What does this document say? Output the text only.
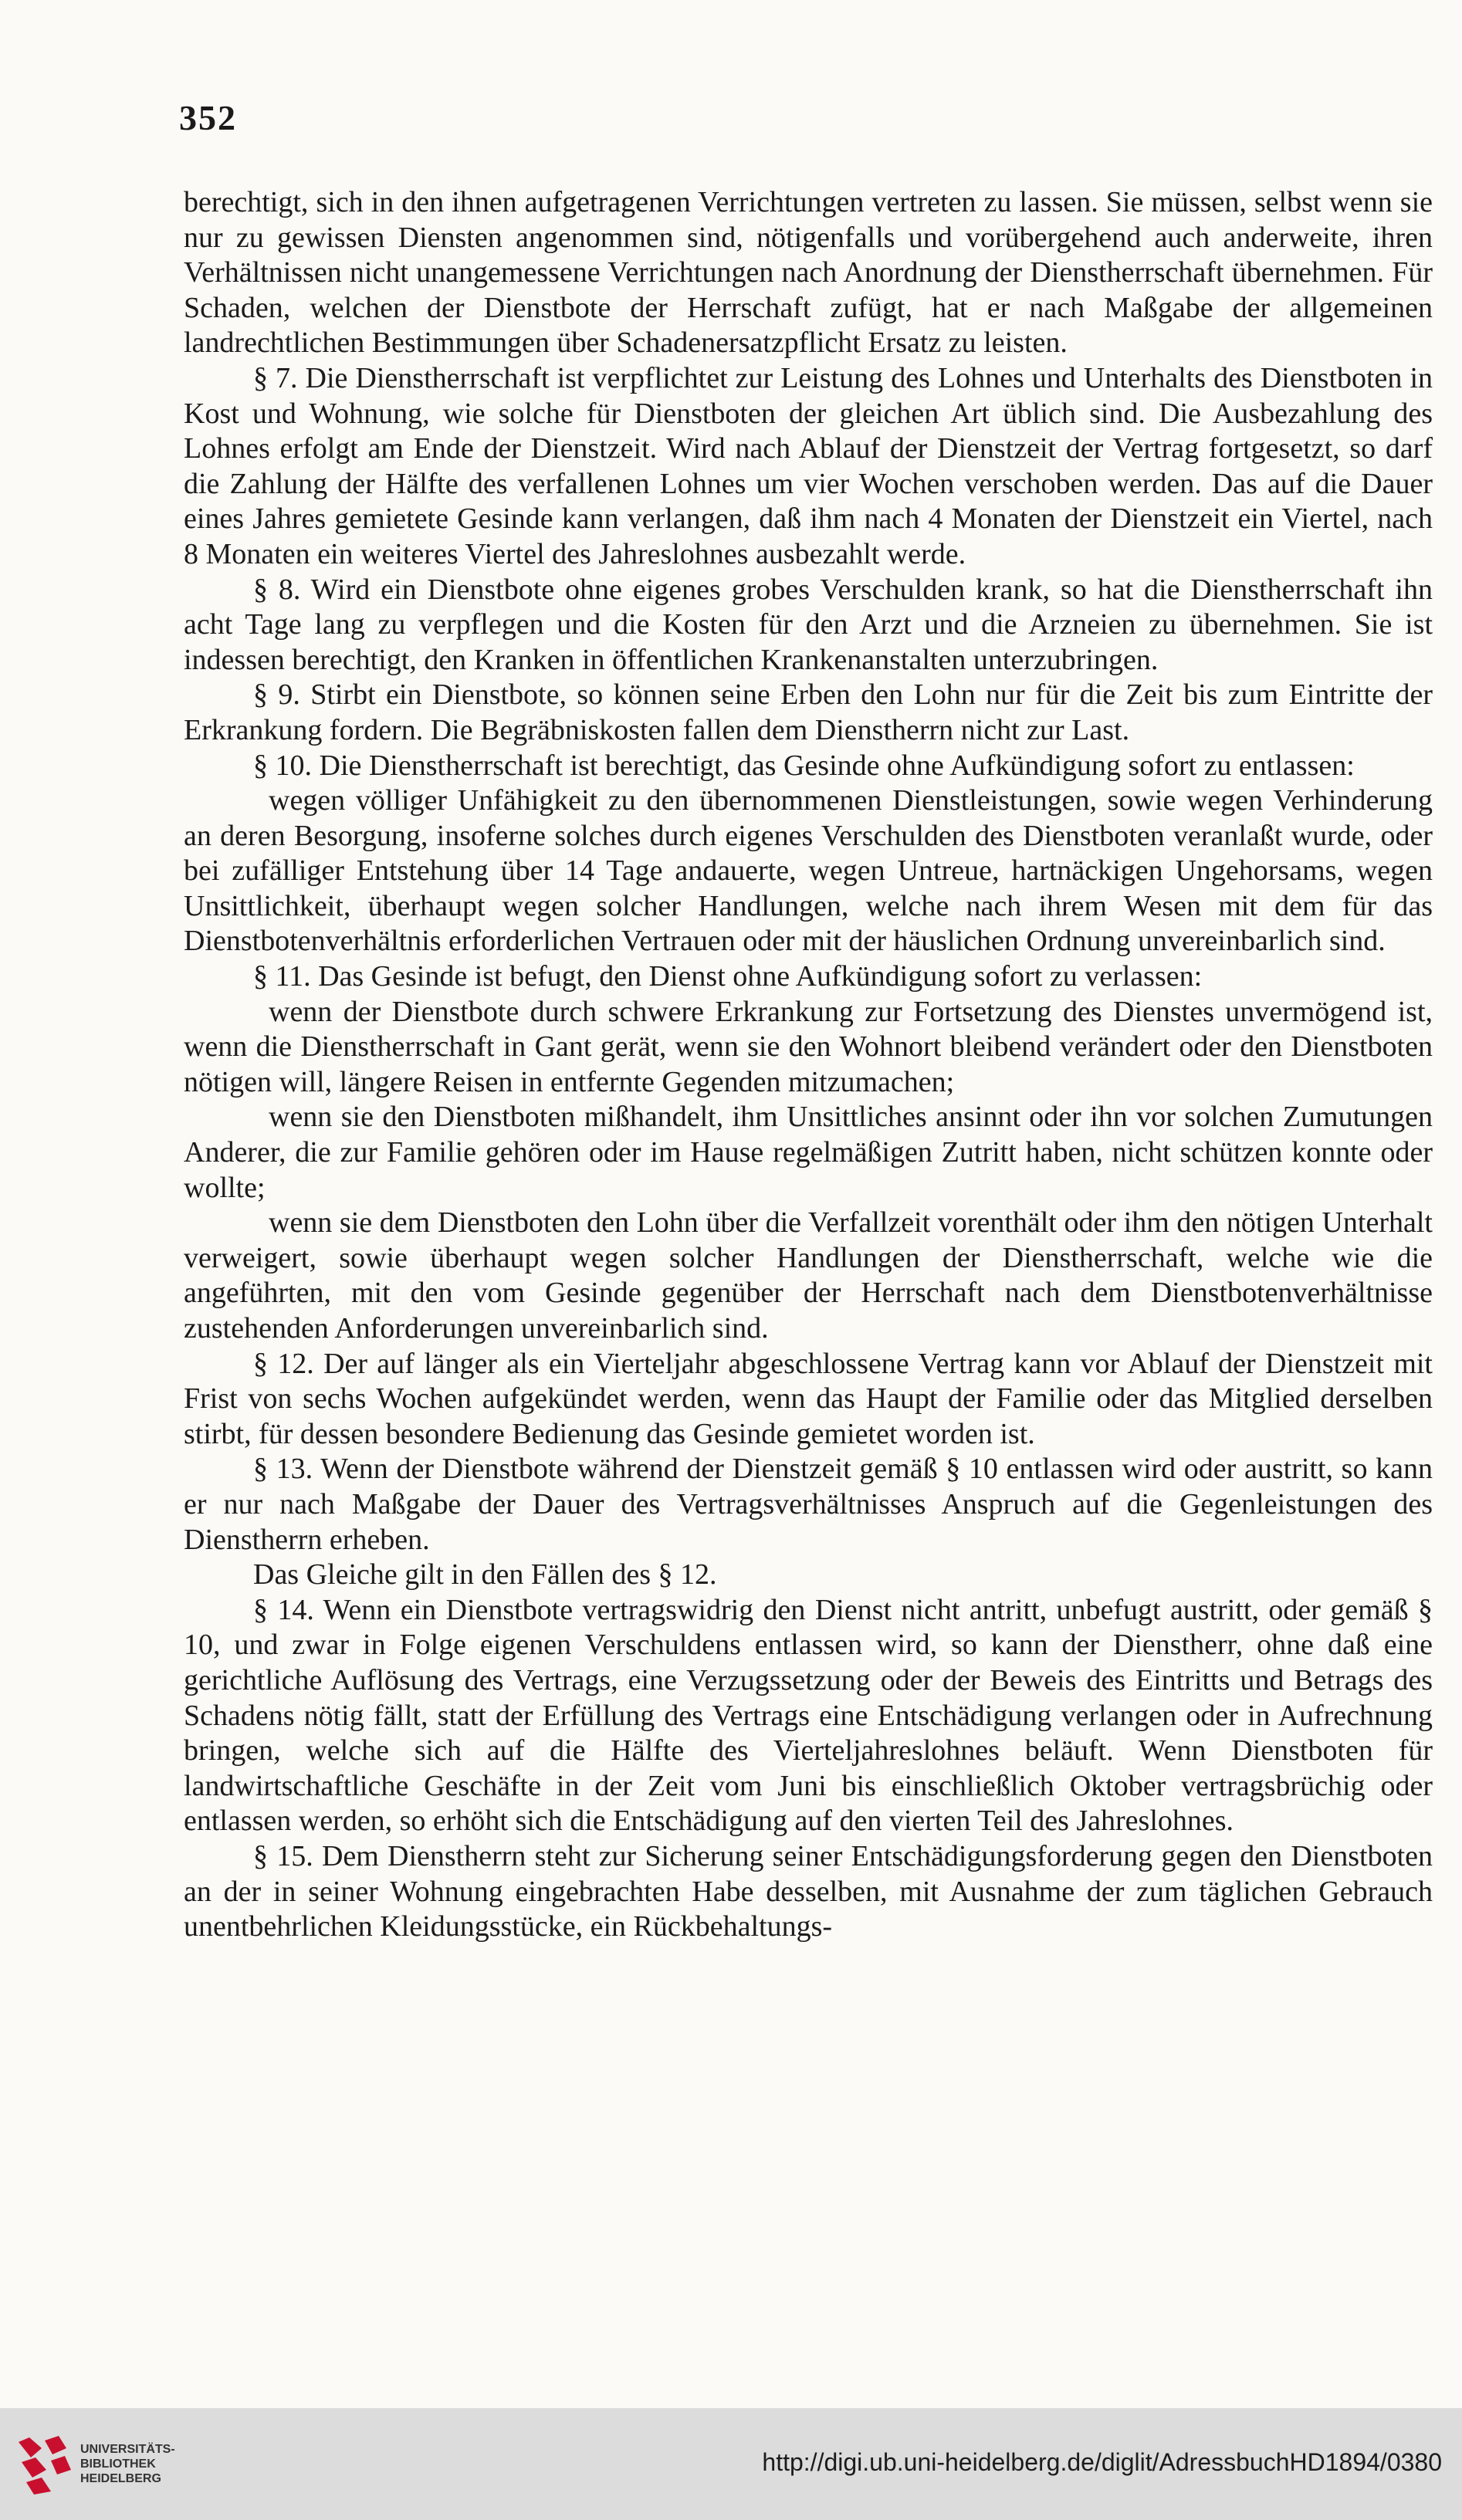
352

berechtigt, sich in den ihnen aufgetragenen Verrichtungen vertreten zu lassen. Sie müssen, selbst wenn sie nur zu gewissen Diensten angenommen sind, nötigenfalls und vorübergehend auch anderweite, ihren Verhältnissen nicht unangemessene Verrichtungen nach Anordnung der Dienstherrschaft übernehmen. Für Schaden, welchen der Dienstbote der Herrschaft zufügt, hat er nach Maßgabe der allgemeinen landrechtlichen Bestimmungen über Schadenersatzpflicht Ersatz zu leisten.

§ 7. Die Dienstherrschaft ist verpflichtet zur Leistung des Lohnes und Unterhalts des Dienstboten in Kost und Wohnung, wie solche für Dienstboten der gleichen Art üblich sind. Die Ausbezahlung des Lohnes erfolgt am Ende der Dienstzeit. Wird nach Ablauf der Dienstzeit der Vertrag fortgesetzt, so darf die Zahlung der Hälfte des verfallenen Lohnes um vier Wochen verschoben werden. Das auf die Dauer eines Jahres gemietete Gesinde kann verlangen, daß ihm nach 4 Monaten der Dienstzeit ein Viertel, nach 8 Monaten ein weiteres Viertel des Jahreslohnes ausbezahlt werde.

§ 8. Wird ein Dienstbote ohne eigenes grobes Verschulden krank, so hat die Dienstherrschaft ihn acht Tage lang zu verpflegen und die Kosten für den Arzt und die Arzneien zu übernehmen. Sie ist indessen berechtigt, den Kranken in öffentlichen Krankenanstalten unterzubringen.

§ 9. Stirbt ein Dienstbote, so können seine Erben den Lohn nur für die Zeit bis zum Eintritte der Erkrankung fordern. Die Begräbniskosten fallen dem Dienstherrn nicht zur Last.

§ 10. Die Dienstherrschaft ist berechtigt, das Gesinde ohne Aufkündigung sofort zu entlassen:

wegen völliger Unfähigkeit zu den übernommenen Dienstleistungen, sowie wegen Verhinderung an deren Besorgung, insoferne solches durch eigenes Verschulden des Dienstboten veranlaßt wurde, oder bei zufälliger Entstehung über 14 Tage andauerte, wegen Untreue, hartnäckigen Ungehorsams, wegen Unsittlichkeit, überhaupt wegen solcher Handlungen, welche nach ihrem Wesen mit dem für das Dienstbotenverhältnis erforderlichen Vertrauen oder mit der häuslichen Ordnung unvereinbarlich sind.

§ 11. Das Gesinde ist befugt, den Dienst ohne Aufkündigung sofort zu verlassen:

wenn der Dienstbote durch schwere Erkrankung zur Fortsetzung des Dienstes unvermögend ist, wenn die Dienstherrschaft in Gant gerät, wenn sie den Wohnort bleibend verändert oder den Dienstboten nötigen will, längere Reisen in entfernte Gegenden mitzumachen;

wenn sie den Dienstboten mißhandelt, ihm Unsittliches ansinnt oder ihn vor solchen Zumutungen Anderer, die zur Familie gehören oder im Hause regelmäßigen Zutritt haben, nicht schützen konnte oder wollte;

wenn sie dem Dienstboten den Lohn über die Verfallzeit vorenthält oder ihm den nötigen Unterhalt verweigert, sowie überhaupt wegen solcher Handlungen der Dienstherrschaft, welche wie die angeführten, mit den vom Gesinde gegenüber der Herrschaft nach dem Dienstbotenverhältnisse zustehenden Anforderungen unvereinbarlich sind.

§ 12. Der auf länger als ein Vierteljahr abgeschlossene Vertrag kann vor Ablauf der Dienstzeit mit Frist von sechs Wochen aufgekündet werden, wenn das Haupt der Familie oder das Mitglied derselben stirbt, für dessen besondere Bedienung das Gesinde gemietet worden ist.

§ 13. Wenn der Dienstbote während der Dienstzeit gemäß § 10 entlassen wird oder austritt, so kann er nur nach Maßgabe der Dauer des Vertragsverhältnisses Anspruch auf die Gegenleistungen des Dienstherrn erheben.

Das Gleiche gilt in den Fällen des § 12.

§ 14. Wenn ein Dienstbote vertragswidrig den Dienst nicht antritt, unbefugt austritt, oder gemäß § 10, und zwar in Folge eigenen Verschuldens entlassen wird, so kann der Dienstherr, ohne daß eine gerichtliche Auflösung des Vertrags, eine Verzugssetzung oder der Beweis des Eintritts und Betrags des Schadens nötig fällt, statt der Erfüllung des Vertrags eine Entschädigung verlangen oder in Aufrechnung bringen, welche sich auf die Hälfte des Vierteljahreslohnes beläuft. Wenn Dienstboten für landwirtschaftliche Geschäfte in der Zeit vom Juni bis einschließlich Oktober vertragsbrüchig oder entlassen werden, so erhöht sich die Entschädigung auf den vierten Teil des Jahreslohnes.

§ 15. Dem Dienstherrn steht zur Sicherung seiner Entschädigungsforderung gegen den Dienstboten an der in seiner Wohnung eingebrachten Habe desselben, mit Ausnahme der zum täglichen Gebrauch unentbehrlichen Kleidungsstücke, ein Rückbehaltungs-

UNIVERSITÄTS-
BIBLIOTHEK
HEIDELBERG
http://digi.ub.uni-heidelberg.de/diglit/AdressbuchHD1894/0380
